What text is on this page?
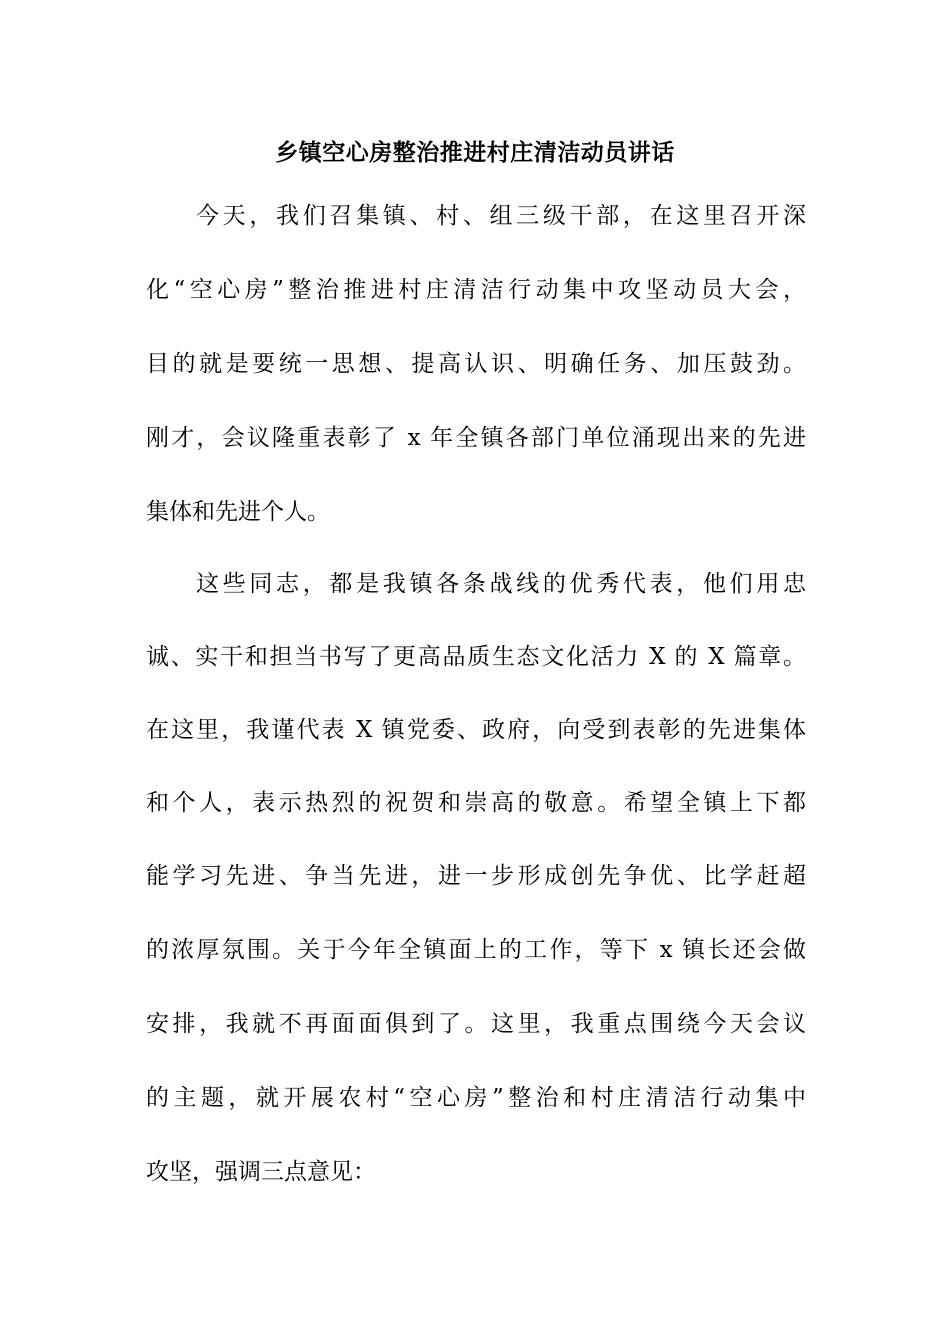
乡镇空心房整治推进村庄清洁动员讲话
今天，我们召集镇、村、组三级干部，在这里召开深
化“空心房”整治推进村庄清洁行动集中攻坚动员大会，
目的就是要统一思想、提高认识、明确任务、加压鼓劲。
刚才，会议隆重表彰了 x 年全镇各部门单位涌现出来的先进
集体和先进个人。
这些同志，都是我镇各条战线的优秀代表，他们用忠
诚、实干和担当书写了更高品质生态文化活力 X 的 X 篇章。
在这里，我谨代表 X 镇党委、政府，向受到表彰的先进集体
和个人，表示热烈的祝贺和崇高的敬意。希望全镇上下都
能学习先进、争当先进，进一步形成创先争优、比学赶超
的浓厚氛围。关于今年全镇面上的工作，等下 x 镇长还会做
安排，我就不再面面俱到了。这里，我重点围绕今天会议
的主题，就开展农村“空心房”整治和村庄清洁行动集中
攻坚，强调三点意见：
